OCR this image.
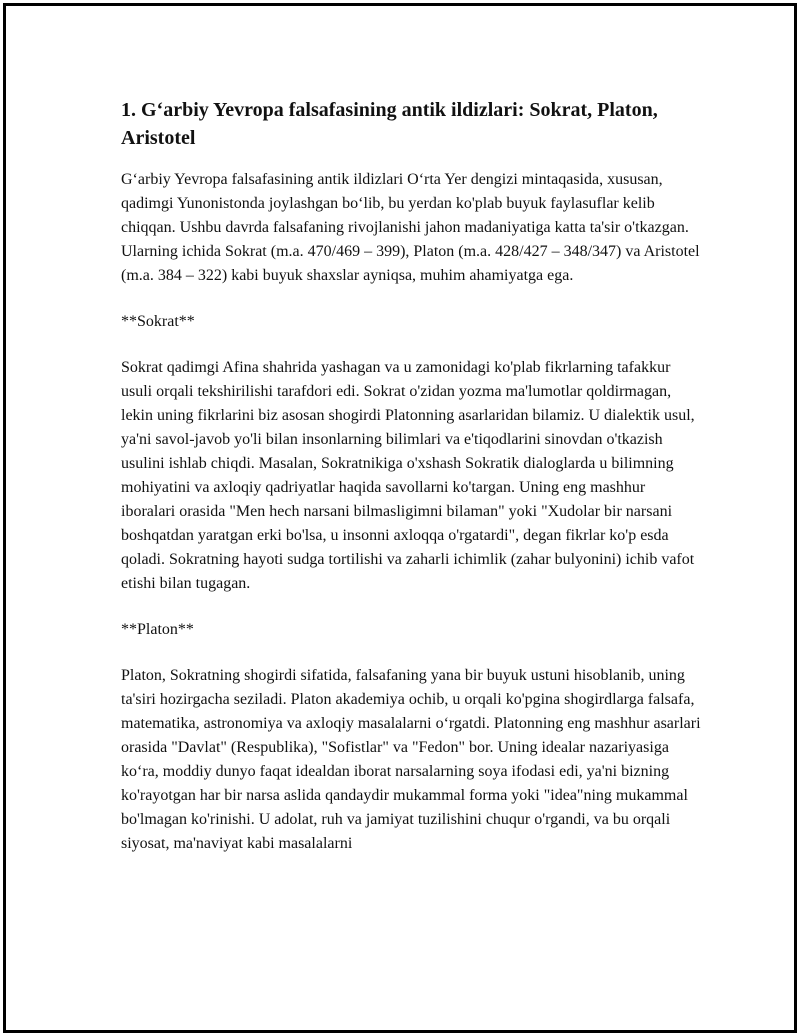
1. G‘arbiy Yevropa falsafasining antik ildizlari: Sokrat, Platon, Aristotel

G‘arbiy Yevropa falsafasining antik ildizlari O‘rta Yer dengizi mintaqasida, xususan, qadimgi Yunonistonda joylashgan bo‘lib, bu yerdan ko'plab buyuk faylasuflar kelib chiqqan. Ushbu davrda falsafaning rivojlanishi jahon madaniyatiga katta ta'sir o'tkazgan. Ularning ichida Sokrat (m.a. 470/469 – 399), Platon (m.a. 428/427 – 348/347) va Aristotel (m.a. 384 – 322) kabi buyuk shaxslar ayniqsa, muhim ahamiyatga ega.

**Sokrat**

Sokrat qadimgi Afina shahrida yashagan va u zamonidagi ko'plab fikrlarning tafakkur usuli orqali tekshirilishi tarafdori edi. Sokrat o'zidan yozma ma'lumotlar qoldirmagan, lekin uning fikrlarini biz asosan shogirdi Platonning asarlaridan bilamiz. U dialektik usul, ya'ni savol-javob yo'li bilan insonlarning bilimlari va e'tiqodlarini sinovdan o'tkazish usulini ishlab chiqdi. Masalan, Sokratnikiga o'xshash Sokratik dialoglarda u bilimning mohiyatini va axloqiy qadriyatlar haqida savollarni ko'targan. Uning eng mashhur iboralari orasida "Men hech narsani bilmasligimni bilaman" yoki "Xudolar bir narsani boshqatdan yaratgan erki bo'lsa, u insonni axloqqa o'rgatardi", degan fikrlar ko'p esda qoladi. Sokratning hayoti sudga tortilishi va zaharli ichimlik (zahar bulyonini) ichib vafot etishi bilan tugagan.

**Platon**

Platon, Sokratning shogirdi sifatida, falsafaning yana bir buyuk ustuni hisoblanib, uning ta'siri hozirgacha seziladi. Platon akademiya ochib, u orqali ko'pgina shogirdlarga falsafa, matematika, astronomiya va axloqiy masalalarni o‘rgatdi. Platonning eng mashhur asarlari orasida "Davlat" (Respublika), "Sofistlar" va "Fedon" bor. Uning idealar nazariyasiga ko‘ra, moddiy dunyo faqat idealdan iborat narsalarning soya ifodasi edi, ya'ni bizning ko'rayotgan har bir narsa aslida qandaydir mukammal forma yoki "idea"ning mukammal bo'lmagan ko'rinishi. U adolat, ruh va jamiyat tuzilishini chuqur o'rgandi, va bu orqali siyosat, ma'naviyat kabi masalalarni
